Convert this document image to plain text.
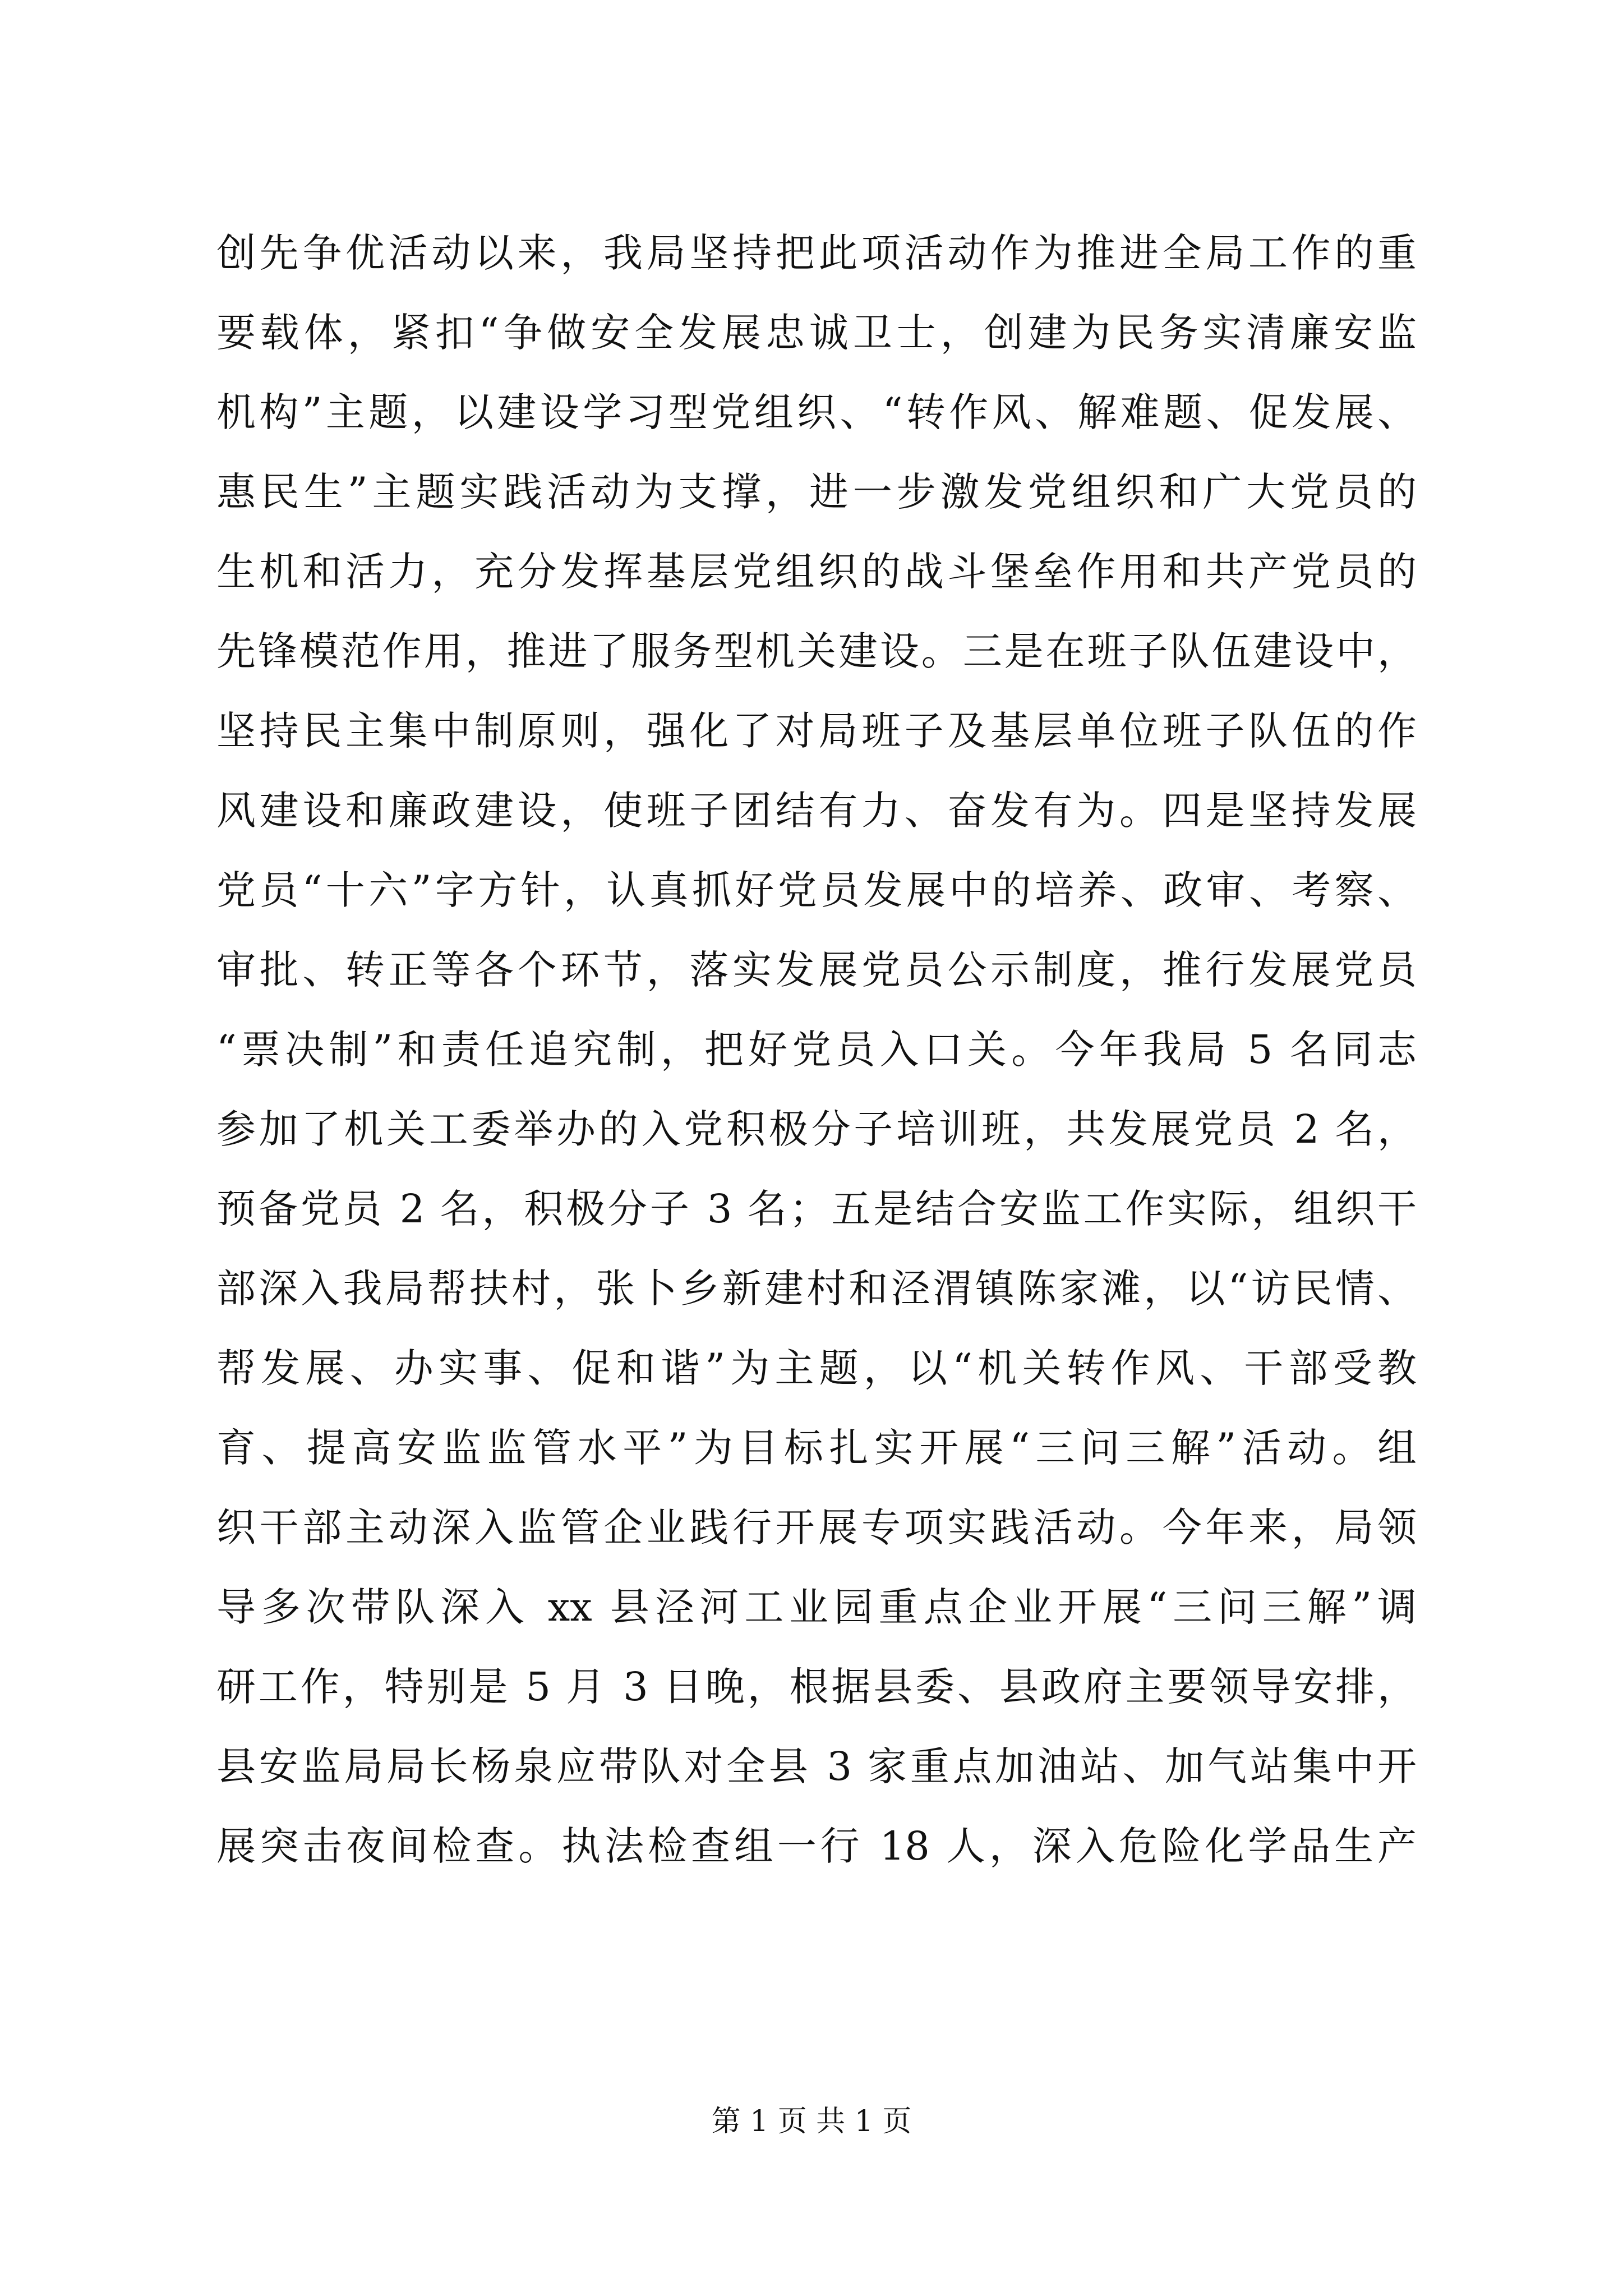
创先争优活动以来，我局坚持把此项活动作为推进全局工作的重
要载体，紧扣“争做安全发展忠诚卫士，创建为民务实清廉安监
机构”主题，以建设学习型党组织、“转作风、解难题、促发展、
惠民生”主题实践活动为支撑，进一步激发党组织和广大党员的
生机和活力，充分发挥基层党组织的战斗堡垒作用和共产党员的
先锋模范作用，推进了服务型机关建设。三是在班子队伍建设中，
坚持民主集中制原则，强化了对局班子及基层单位班子队伍的作
风建设和廉政建设，使班子团结有力、奋发有为。四是坚持发展
党员“十六”字方针，认真抓好党员发展中的培养、政审、考察、
审批、转正等各个环节，落实发展党员公示制度，推行发展党员
“票决制”和责任追究制，把好党员入口关。今年我局 5 名同志
参加了机关工委举办的入党积极分子培训班，共发展党员 2 名，
预备党员 2 名，积极分子 3 名；五是结合安监工作实际，组织干
部深入我局帮扶村，张卜乡新建村和泾渭镇陈家滩，以“访民情、
帮发展、办实事、促和谐”为主题，以“机关转作风、干部受教
育、提高安监监管水平”为目标扎实开展“三问三解”活动。组
织干部主动深入监管企业践行开展专项实践活动。今年来，局领
导多次带队深入 xx 县泾河工业园重点企业开展“三问三解”调
研工作，特别是 5 月 3 日晚，根据县委、县政府主要领导安排，
县安监局局长杨泉应带队对全县 3 家重点加油站、加气站集中开
展突击夜间检查。执法检查组一行 18 人，深入危险化学品生产
第 1 页 共 1 页
